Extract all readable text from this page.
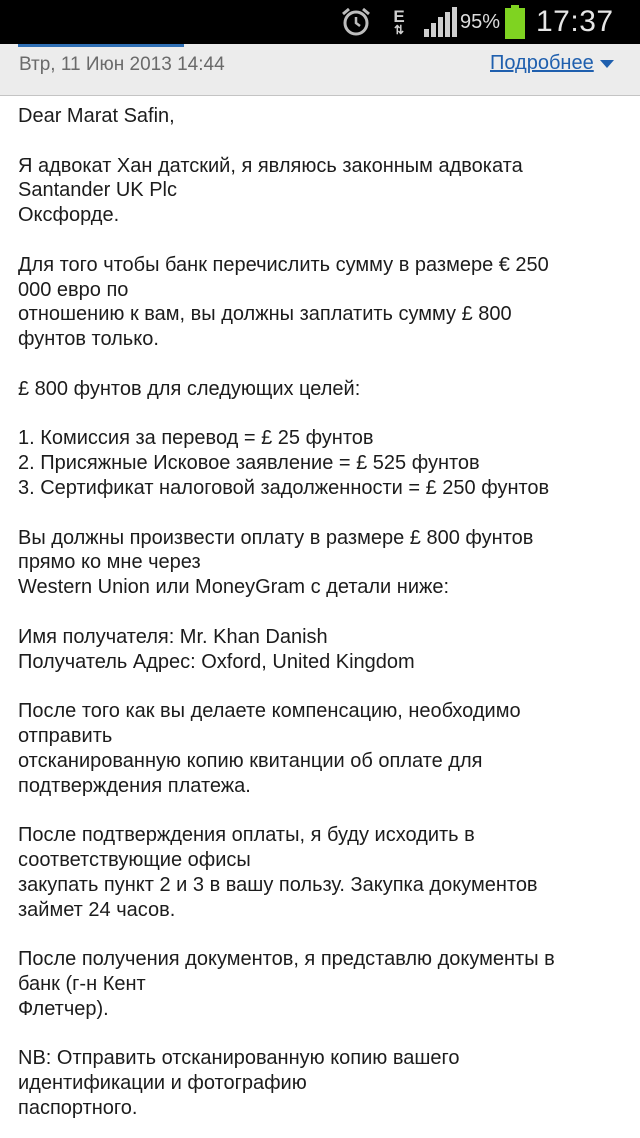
E
⇅	95% 17:37
Втр, 11 Июн 2013 14:44	Подробнее

Dear Marat Safin,

Я адвокат Хан датский, я являюсь законным адвоката

Santander UK Plc

Оксфорде.

Для того чтобы банк перечислить сумму в размере € 250

000 евро по

отношению к вам, вы должны заплатить сумму £ 800

фунтов только.

£ 800 фунтов для следующих целей:

1. Комиссия за перевод = £ 25 фунтов

2. Присяжные Исковое заявление = £ 525 фунтов

3. Сертификат налоговой задолженности = £ 250 фунтов

Вы должны произвести оплату в размере £ 800 фунтов

прямо ко мне через

Western Union или MoneyGram с детали ниже:

Имя получателя: Mr. Khan Danish

Получатель Адрес: Oxford, United Kingdom

После того как вы делаете компенсацию, необходимо

отправить

отсканированную копию квитанции об оплате для

подтверждения платежа.

После подтверждения оплаты, я буду исходить в

соответствующие офисы

закупать пункт 2 и 3 в вашу пользу. Закупка документов

займет 24 часов.

После получения документов, я представлю документы в

банк (г-н Кент

Флетчер).

NB: Отправить отсканированную копию вашего

идентификации и фотографию

паспортного.
